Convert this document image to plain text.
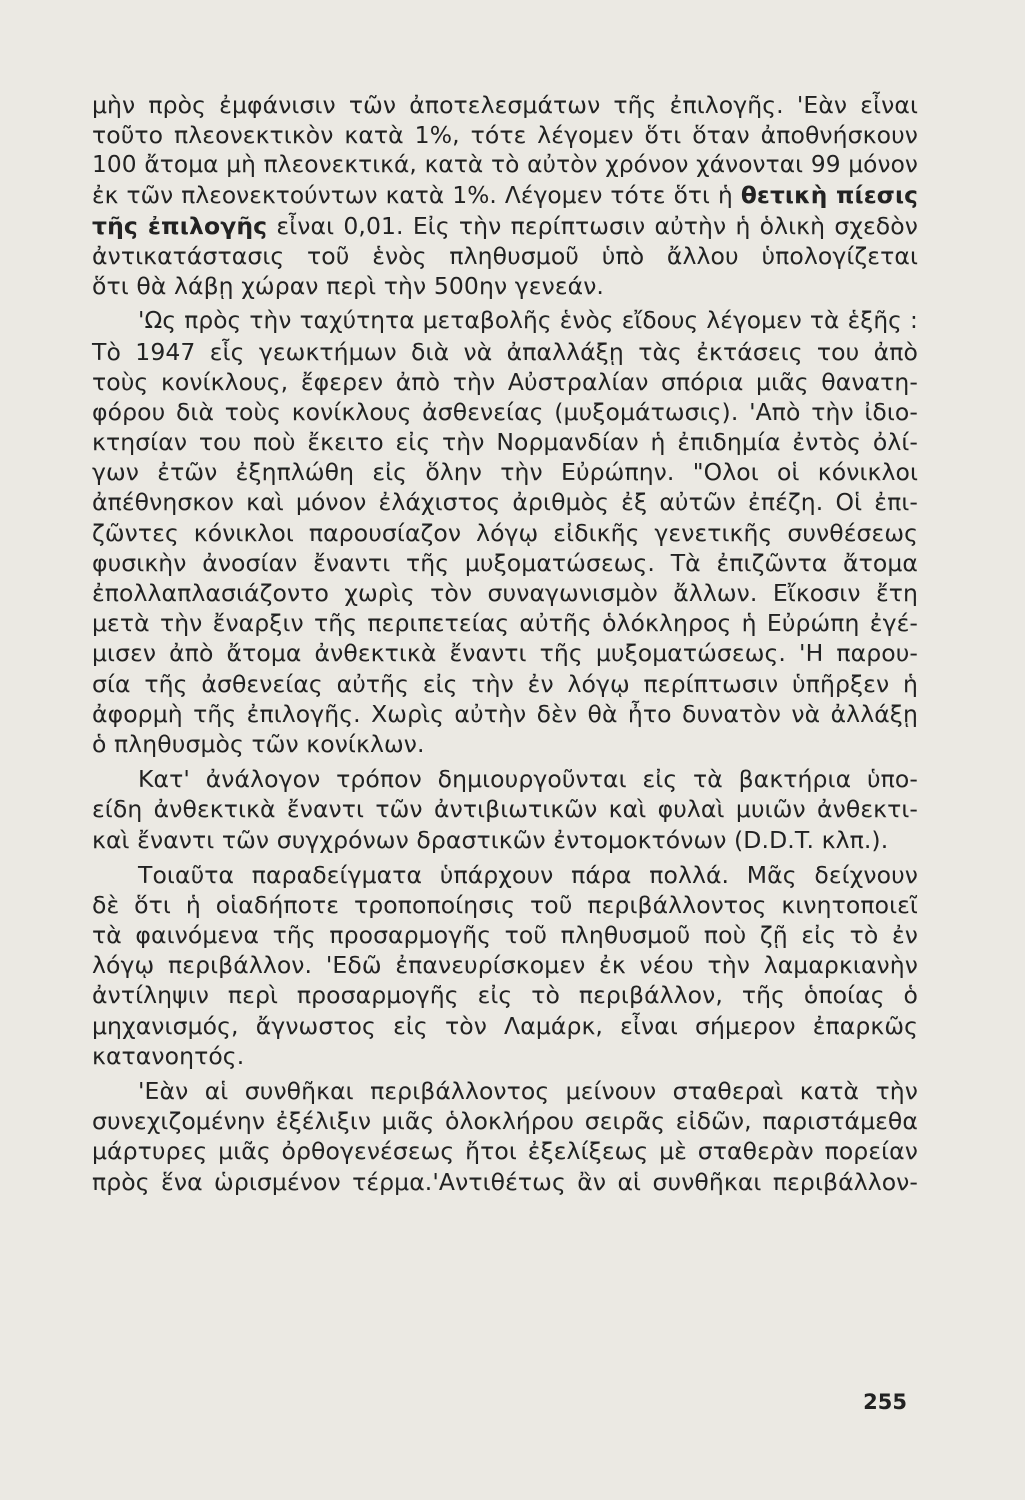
μὴν πρὸς ἐμφάνισιν τῶν ἀποτελεσμάτων τῆς ἐπιλογῆς. 'Εὰν εἶναι
τοῦτο πλεονεκτικὸν κατὰ 1%, τότε λέγομεν ὅτι ὅταν ἀποθνήσκουν
100 ἄτομα μὴ πλεονεκτικά, κατὰ τὸ αὐτὸν χρόνον χάνονται 99 μόνον
ἐκ τῶν πλεονεκτούντων κατὰ 1%. Λέγομεν τότε ὅτι ἡ θετικὴ πίεσις
τῆς ἐπιλογῆς εἶναι 0,01. Εἰς τὴν περίπτωσιν αὐτὴν ἡ ὁλικὴ σχεδὸν
ἀντικατάστασις τοῦ ἑνὸς πληθυσμοῦ ὑπὸ ἄλλου ὑπολογίζεται
ὅτι θὰ λάβῃ χώραν περὶ τὴν 500ην γενεάν.
'Ως πρὸς τὴν ταχύτητα μεταβολῆς ἑνὸς εἴδους λέγομεν τὰ ἑξῆς :
Τὸ 1947 εἷς γεωκτήμων διὰ νὰ ἀπαλλάξῃ τὰς ἐκτάσεις του ἀπὸ
τοὺς κονίκλους, ἔφερεν ἀπὸ τὴν Αὐστραλίαν σπόρια μιᾶς θανατη-
φόρου διὰ τοὺς κονίκλους ἀσθενείας (μυξομάτωσις). 'Απὸ τὴν ἰδιο-
κτησίαν του ποὺ ἔκειτο εἰς τὴν Νορμανδίαν ἡ ἐπιδημία ἐντὸς ὀλί-
γων ἐτῶν ἐξηπλώθη εἰς ὅλην τὴν Εὐρώπην. "Ολοι οἱ κόνικλοι
ἀπέθνησκον καὶ μόνον ἐλάχιστος ἀριθμὸς ἐξ αὐτῶν ἐπέζη. Οἱ ἐπι-
ζῶντες κόνικλοι παρουσίαζον λόγῳ εἰδικῆς γενετικῆς συνθέσεως
φυσικὴν ἀνοσίαν ἔναντι τῆς μυξοματώσεως. Τὰ ἐπιζῶντα ἄτομα
ἐπολλαπλασιάζοντο χωρὶς τὸν συναγωνισμὸν ἄλλων. Εἴκοσιν ἔτη
μετὰ τὴν ἔναρξιν τῆς περιπετείας αὐτῆς ὁλόκληρος ἡ Εὐρώπη ἐγέ-
μισεν ἀπὸ ἄτομα ἀνθεκτικὰ ἔναντι τῆς μυξοματώσεως. 'Η παρου-
σία τῆς ἀσθενείας αὐτῆς εἰς τὴν ἐν λόγῳ περίπτωσιν ὑπῆρξεν ἡ
ἀφορμὴ τῆς ἐπιλογῆς. Χωρὶς αὐτὴν δὲν θὰ ἦτο δυνατὸν νὰ ἀλλάξῃ
ὁ πληθυσμὸς τῶν κονίκλων.
Κατ' ἀνάλογον τρόπον δημιουργοῦνται εἰς τὰ βακτήρια ὑπο-
είδη ἀνθεκτικὰ ἔναντι τῶν ἀντιβιωτικῶν καὶ φυλαὶ μυιῶν ἀνθεκτι-
καὶ ἔναντι τῶν συγχρόνων δραστικῶν ἐντομοκτόνων (D.D.T. κλπ.).
Τοιαῦτα παραδείγματα ὑπάρχουν πάρα πολλά. Μᾶς δείχνουν
δὲ ὅτι ἡ οἱαδήποτε τροποποίησις τοῦ περιβάλλοντος κινητοποιεῖ
τὰ φαινόμενα τῆς προσαρμογῆς τοῦ πληθυσμοῦ ποὺ ζῇ εἰς τὸ ἐν
λόγῳ περιβάλλον. 'Εδῶ ἐπανευρίσκομεν ἐκ νέου τὴν λαμαρκιανὴν
ἀντίληψιν περὶ προσαρμογῆς εἰς τὸ περιβάλλον, τῆς ὁποίας ὁ
μηχανισμός, ἄγνωστος εἰς τὸν Λαμάρκ, εἶναι σήμερον ἐπαρκῶς
κατανοητός.
'Εὰν αἱ συνθῆκαι περιβάλλοντος μείνουν σταθεραὶ κατὰ τὴν
συνεχιζομένην ἐξέλιξιν μιᾶς ὁλοκλήρου σειρᾶς εἰδῶν, παριστάμεθα
μάρτυρες μιᾶς ὀρθογενέσεως ἤτοι ἐξελίξεως μὲ σταθερὰν πορείαν
πρὸς ἕνα ὡρισμένον τέρμα.'Αντιθέτως ἂν αἱ συνθῆκαι περιβάλλον-
255
